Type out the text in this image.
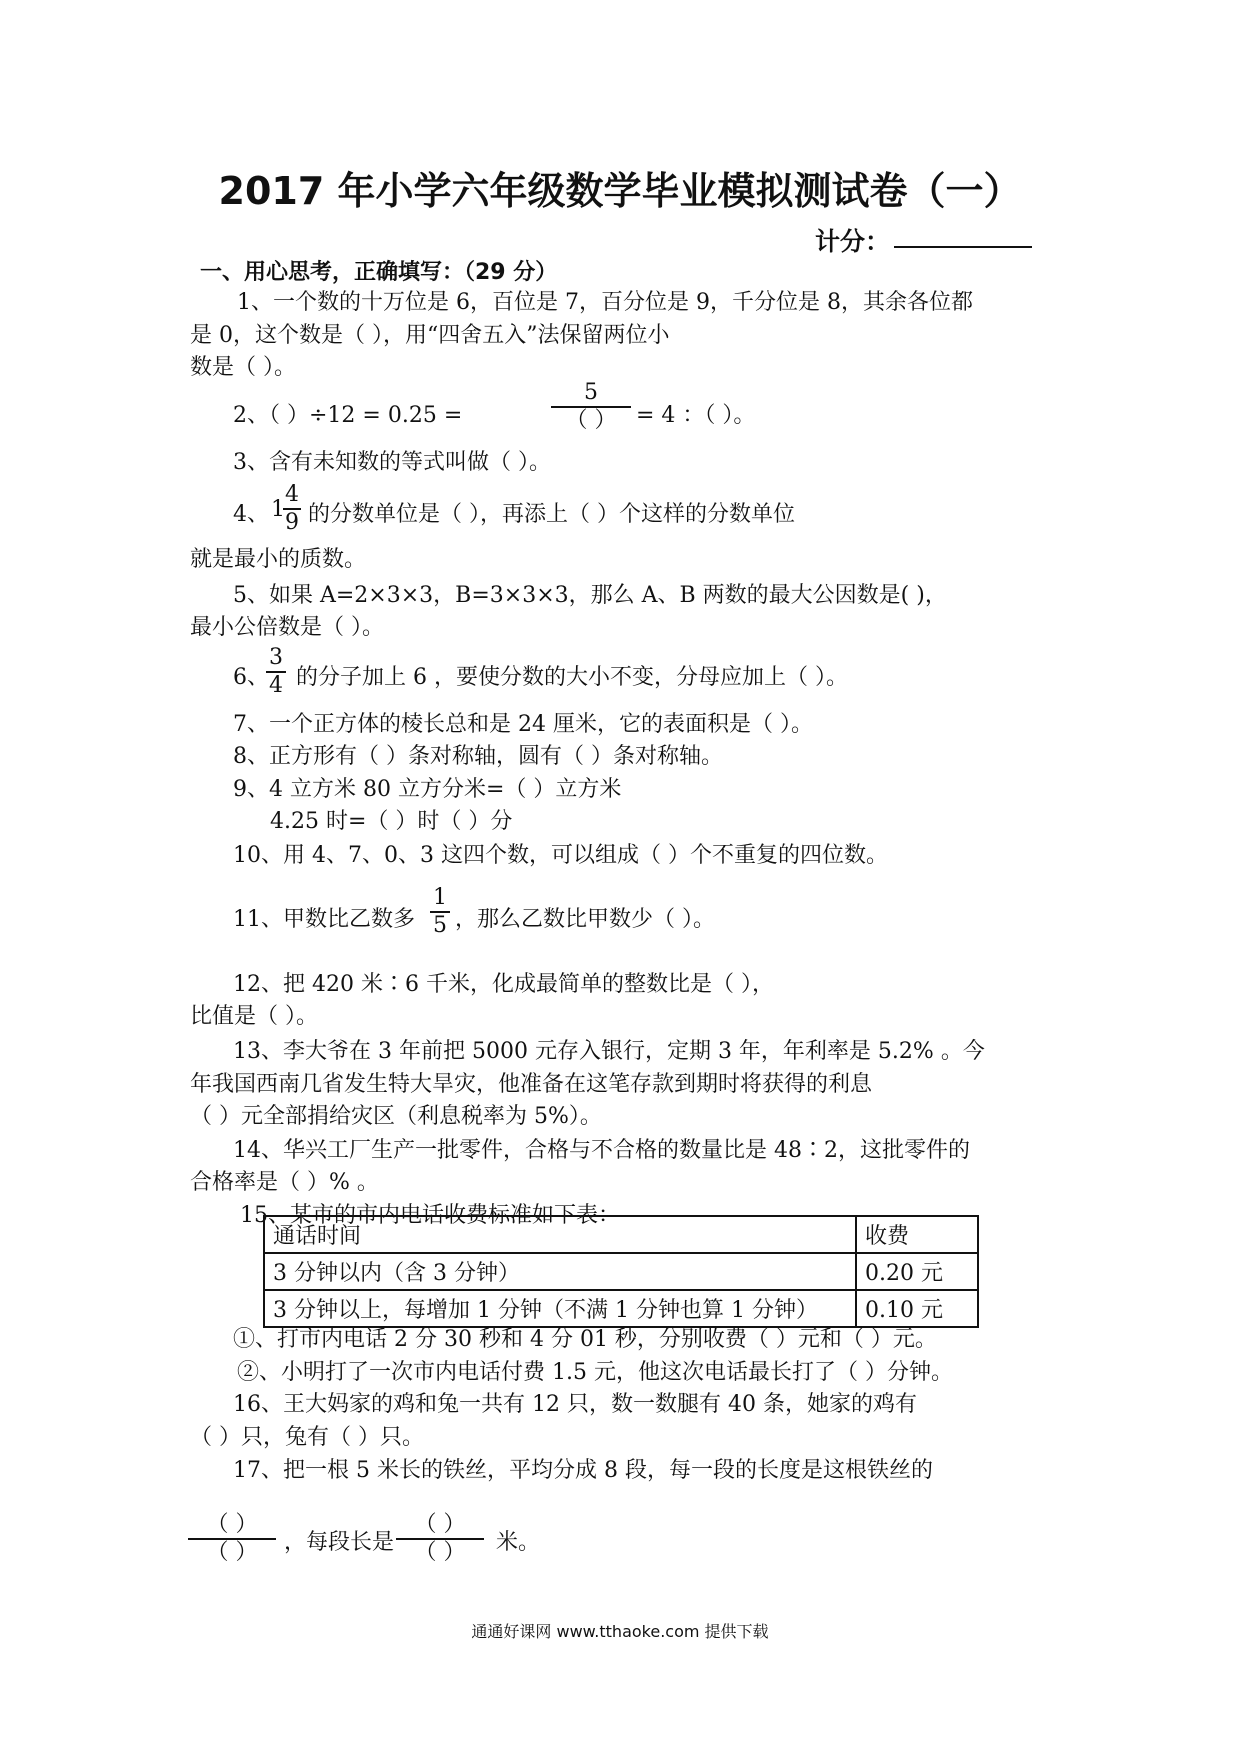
2017 年小学六年级数学毕业模拟测试卷（一）
计分：
一、用心思考，正确填写：（29 分）
1、一个数的十万位是 6，百位是 7，百分位是 9，千分位是 8，其余各位都
是 0，这个数是（ ），用“四舍五入”法保留两位小
数是（ ）。
2、（ ）÷12 = 0.25 =
5
（ ） = 4 ：（ ）。
3、含有未知数的等式叫做（ ）。
4、 1
$\frac{4}{9}$ 的分数单位是（ ），再添上（ ）个这样的分数单位
就是最小的质数。
5、如果 A=2×3×3，B=3×3×3，那么 A、B 两数的最大公因数是( )，
最小公倍数是（ ）。
6、
$\frac{3}{4}$ 的分子加上 6 ，要使分数的大小不变，分母应加上（ ）。
7、一个正方体的棱长总和是 24 厘米，它的表面积是（ ）。
8、正方形有（ ）条对称轴，圆有（ ）条对称轴。
9、4 立方米 80 立方分米=（ ）立方米
4.25 时=（ ）时（ ）分
10、用 4、7、0、3 这四个数，可以组成（ ）个不重复的四位数。
11、甲数比乙数多 $\frac{1}{5}$ ，那么乙数比甲数少（ ）。
12、把 420 米∶6 千米，化成最简单的整数比是（ ），
比值是（ ）。
13、李大爷在 3 年前把 5000 元存入银行，定期 3 年，年利率是 5.2% 。今
年我国西南几省发生特大旱灾，他准备在这笔存款到期时将获得的利息
（ ）元全部捐给灾区（利息税率为 5%）。
14、华兴工厂生产一批零件，合格与不合格的数量比是 48∶2，这批零件的
合格率是（ ）% 。
15、某市的市内电话收费标准如下表：
通话时间	收费
3 分钟以内（含 3 分钟）	0.20 元
3 分钟以上，每增加 1 分钟（不满 1 分钟也算 1 分钟）	0.10 元
①、打市内电话 2 分 30 秒和 4 分 01 秒，分别收费（ ）元和（ ）元。
②、小明打了一次市内电话付费 1.5 元，他这次电话最长打了（ ）分钟。
16、王大妈家的鸡和兔一共有 12 只，数一数腿有 40 条，她家的鸡有
（ ）只，兔有（ ）只。
17、把一根 5 米长的铁丝，平均分成 8 段，每一段的长度是这根铁丝的
（ ）
（ ）	，每段长是
（ ）
（ ）	米。
通通好课网 www.tthaoke.com 提供下载
